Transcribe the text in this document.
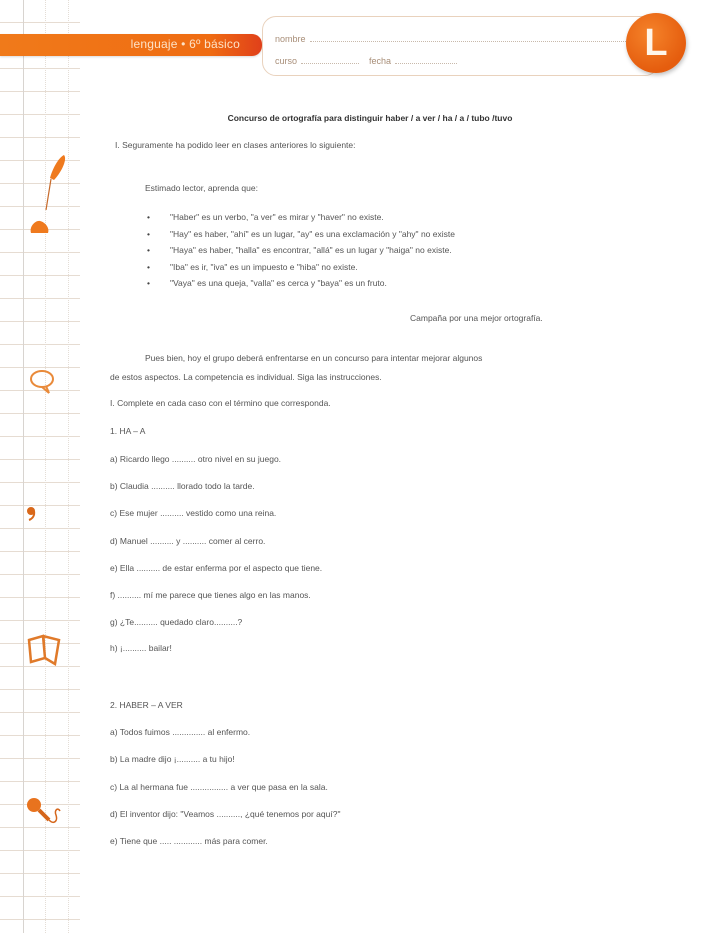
lenguaje • 6º básico	nombre
curso	fecha	L
Concurso de ortografía para distinguir haber / a ver / ha / a / tubo /tuvo
I. Seguramente ha podido leer en clases anteriores lo siguiente:
Estimado lector, aprenda que:
• "Haber" es un verbo, "a ver" es mirar y "haver" no existe.
• "Hay" es haber, "ahí" es un lugar, "ay" es una exclamación y "ahy" no existe
• "Haya" es haber, "halla" es encontrar, "allá" es un lugar y "haiga" no existe.
• "Iba" es ir, "iva" es un impuesto e "hiba" no existe.
• "Vaya" es una queja, "valla" es cerca y "baya" es un fruto.
Campaña por una mejor ortografía.
Pues bien, hoy el grupo deberá enfrentarse en un concurso para intentar mejorar algunos
de estos aspectos. La competencia es individual. Siga las instrucciones.
I. Complete en cada caso con el término que corresponda.
1. HA – A
a) Ricardo llego .......... otro nivel en su juego.
b) Claudia .......... llorado todo la tarde.
c) Ese mujer .......... vestido como una reina.
d) Manuel .......... y .......... comer al cerro.
e) Ella .......... de estar enferma por el aspecto que tiene.
f) .......... mí me parece que tienes algo en las manos.
g) ¿Te.......... quedado claro..........?
h) ¡.......... bailar!
2. HABER – A VER
a) Todos fuimos .............. al enfermo.
b) La madre dijo ¡.......... a tu hijo!
c) La al hermana fue ................ a ver que pasa en la sala.
d) El inventor dijo: "Veamos .........., ¿qué tenemos por aquí?"
e) Tiene que ..... ............ más para comer.
